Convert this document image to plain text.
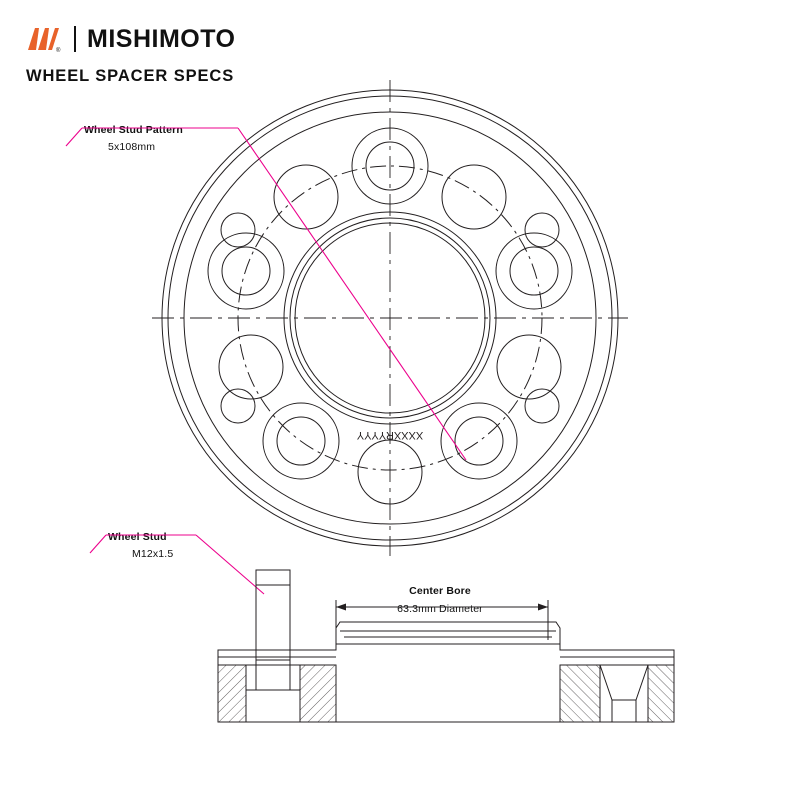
® MISHIMOTO
WHEEL SPACER SPECS
Wheel Stud Pattern
5x108mm
Wheel Stud
M12x1.5
Center Bore
63.3mm Diameter
XXXXRYYYY
